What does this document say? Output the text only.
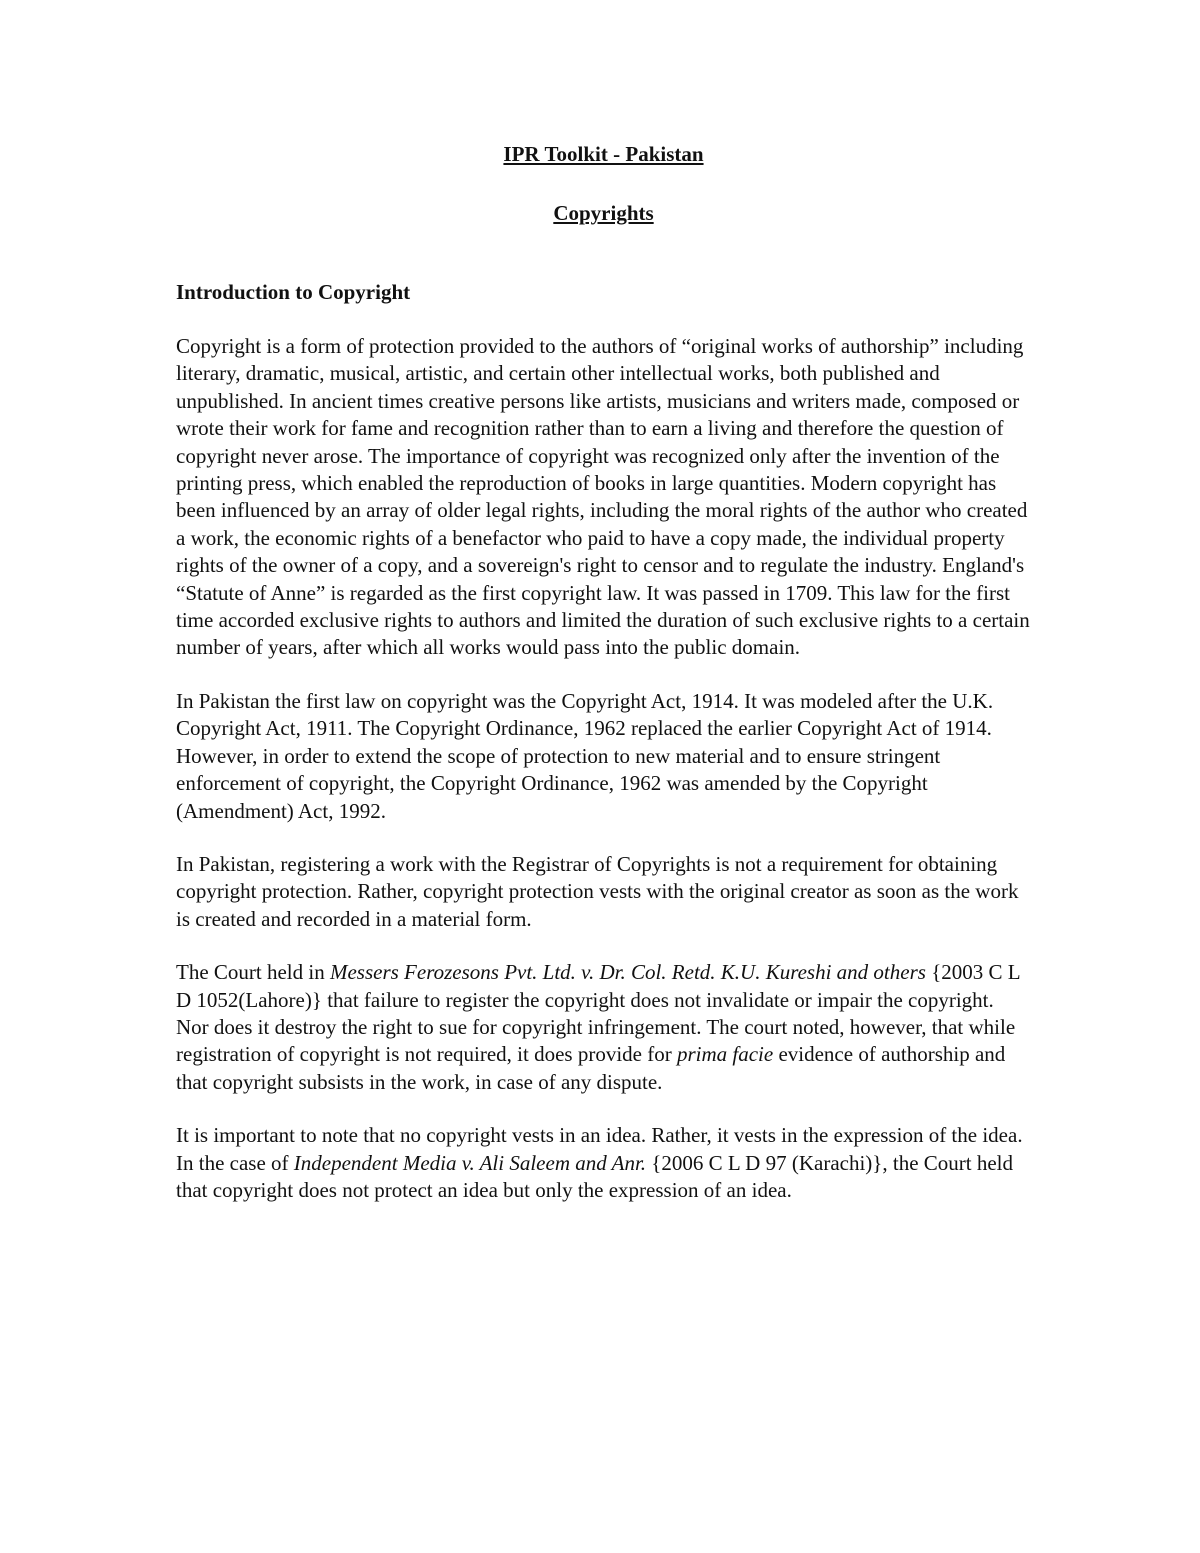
IPR Toolkit - Pakistan
Copyrights
Introduction to Copyright

Copyright is a form of protection provided to the authors of “original works of authorship” including literary, dramatic, musical, artistic, and certain other intellectual works, both published and unpublished. In ancient times creative persons like artists, musicians and writers made, composed or wrote their work for fame and recognition rather than to earn a living and therefore the question of copyright never arose. The importance of copyright was recognized only after the invention of the printing press, which enabled the reproduction of books in large quantities. Modern copyright has been influenced by an array of older legal rights, including the moral rights of the author who created a work, the economic rights of a benefactor who paid to have a copy made, the individual property rights of the owner of a copy, and a sovereign's right to censor and to regulate the industry. England's “Statute of Anne” is regarded as the first copyright law. It was passed in 1709. This law for the first time accorded exclusive rights to authors and limited the duration of such exclusive rights to a certain number of years, after which all works would pass into the public domain.

In Pakistan the first law on copyright was the Copyright Act, 1914. It was modeled after the U.K. Copyright Act, 1911. The Copyright Ordinance, 1962 replaced the earlier Copyright Act of 1914. However, in order to extend the scope of protection to new material and to ensure stringent enforcement of copyright, the Copyright Ordinance, 1962 was amended by the Copyright (Amendment) Act, 1992.

In Pakistan, registering a work with the Registrar of Copyrights is not a requirement for obtaining copyright protection. Rather, copyright protection vests with the original creator as soon as the work is created and recorded in a material form.

The Court held in Messers Ferozesons Pvt. Ltd. v. Dr. Col. Retd. K.U. Kureshi and others {2003 C L D 1052(Lahore)} that failure to register the copyright does not invalidate or impair the copyright. Nor does it destroy the right to sue for copyright infringement. The court noted, however, that while registration of copyright is not required, it does provide for prima facie evidence of authorship and that copyright subsists in the work, in case of any dispute.

It is important to note that no copyright vests in an idea. Rather, it vests in the expression of the idea. In the case of Independent Media v. Ali Saleem and Anr. {2006 C L D 97 (Karachi)}, the Court held that copyright does not protect an idea but only the expression of an idea.
